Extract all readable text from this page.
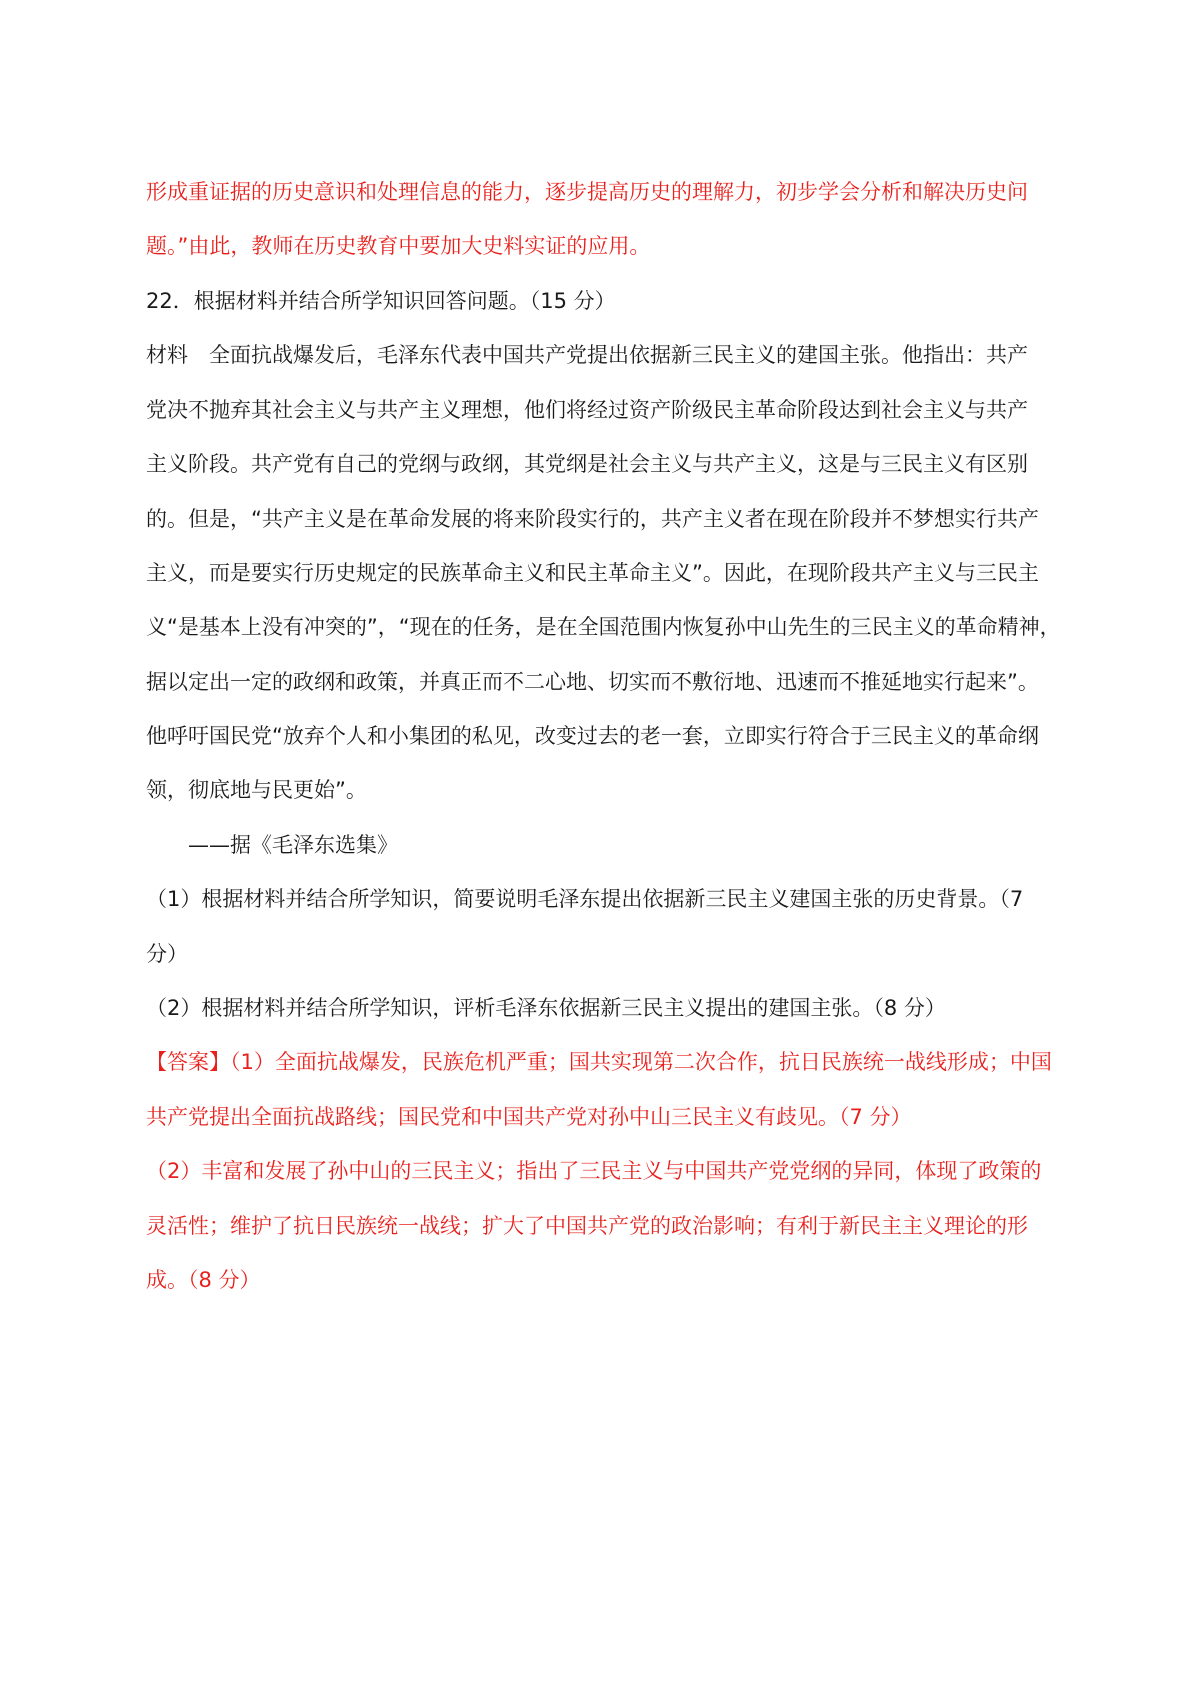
形成重证据的历史意识和处理信息的能力，逐步提高历史的理解力，初步学会分析和解决历史问
题。”由此，教师在历史教育中要加大史料实证的应用。
22．根据材料并结合所学知识回答问题。（15 分）
材料　全面抗战爆发后，毛泽东代表中国共产党提出依据新三民主义的建国主张。他指出：共产
党决不抛弃其社会主义与共产主义理想，他们将经过资产阶级民主革命阶段达到社会主义与共产
主义阶段。共产党有自己的党纲与政纲，其党纲是社会主义与共产主义，这是与三民主义有区别
的。但是，“共产主义是在革命发展的将来阶段实行的，共产主义者在现在阶段并不梦想实行共产
主义，而是要实行历史规定的民族革命主义和民主革命主义”。因此，在现阶段共产主义与三民主
义“是基本上没有冲突的”，“现在的任务，是在全国范围内恢复孙中山先生的三民主义的革命精神，
据以定出一定的政纲和政策，并真正而不二心地、切实而不敷衍地、迅速而不推延地实行起来”。
他呼吁国民党“放弃个人和小集团的私见，改变过去的老一套，立即实行符合于三民主义的革命纲
领，彻底地与民更始”。
——据《毛泽东选集》
（1）根据材料并结合所学知识，简要说明毛泽东提出依据新三民主义建国主张的历史背景。（7
分）
（2）根据材料并结合所学知识，评析毛泽东依据新三民主义提出的建国主张。（8 分）
【答案】（1）全面抗战爆发，民族危机严重；国共实现第二次合作，抗日民族统一战线形成；中国
共产党提出全面抗战路线；国民党和中国共产党对孙中山三民主义有歧见。（7 分）
（2）丰富和发展了孙中山的三民主义；指出了三民主义与中国共产党党纲的异同，体现了政策的
灵活性；维护了抗日民族统一战线；扩大了中国共产党的政治影响；有利于新民主主义理论的形
成。（8 分）
